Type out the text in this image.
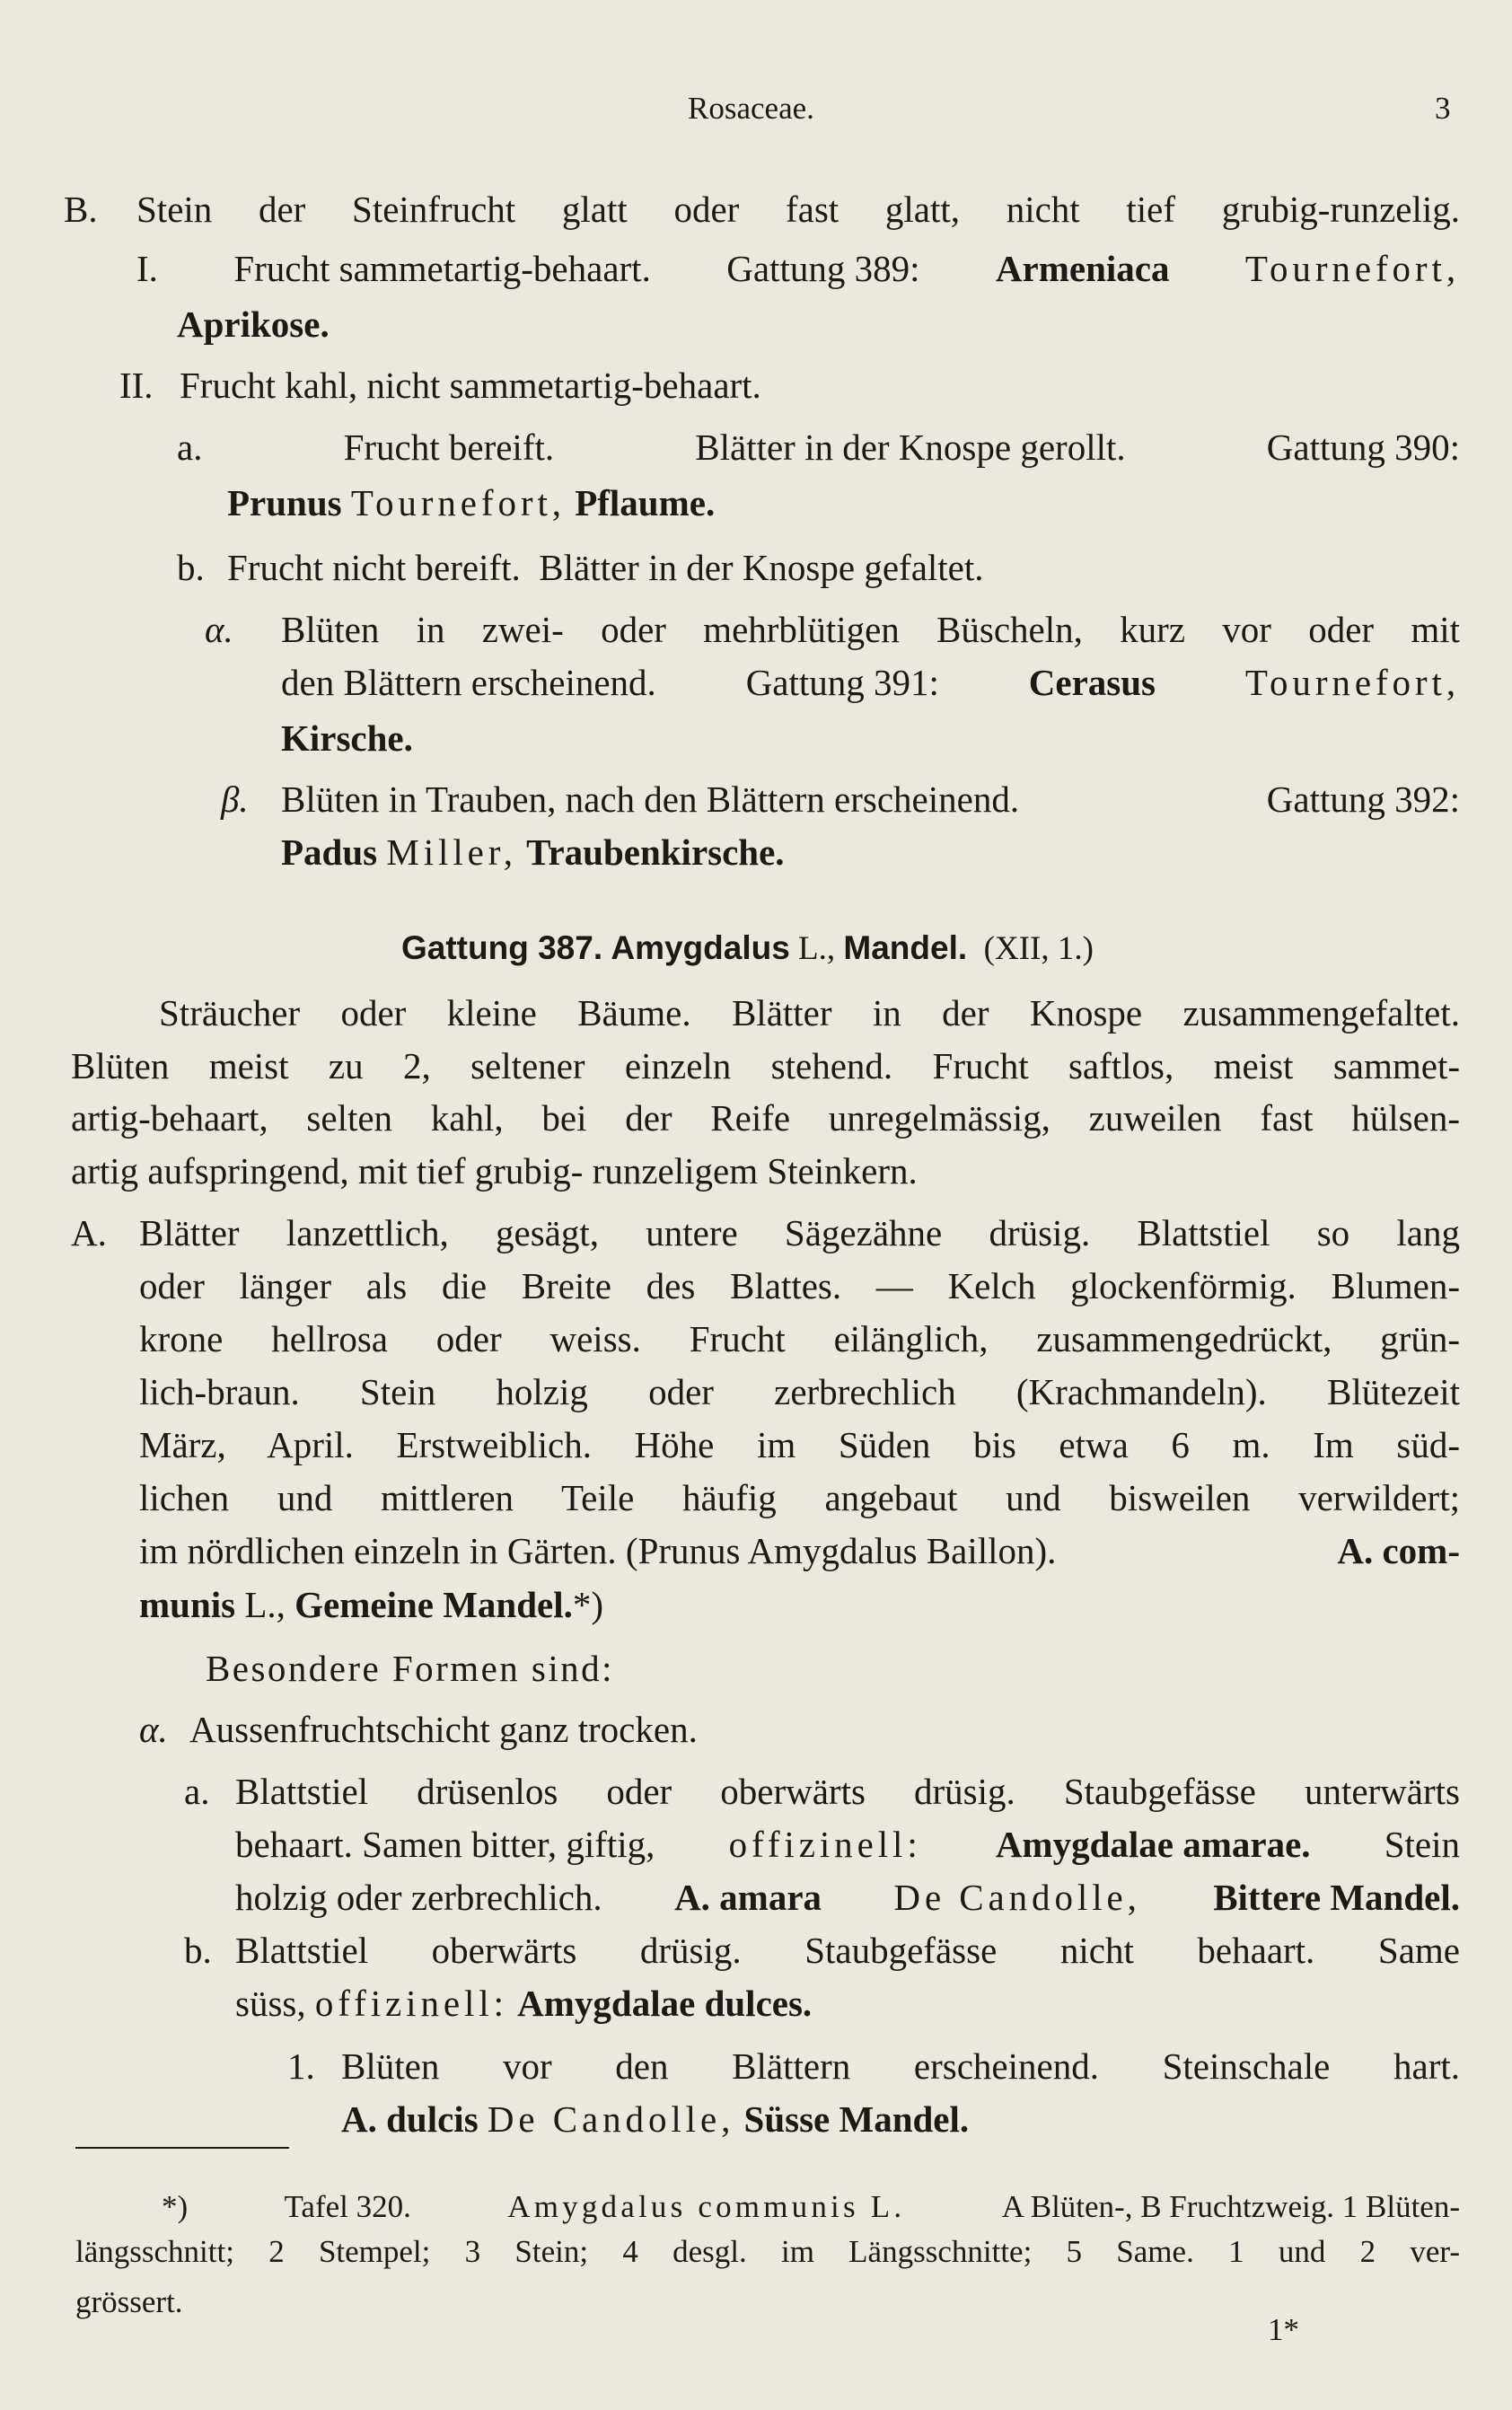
Rosaceae.	3
B. Stein der Steinfrucht glatt oder fast glatt, nicht tief grubig-runzelig.
I. Frucht sammetartig-behaart. Gattung 389: Armeniaca Tournefort,
Aprikose.
II. Frucht kahl, nicht sammetartig-behaart.
a.	Frucht bereift.	Blätter in der Knospe gerollt.	Gattung 390:
Prunus Tournefort, Pflaume.
b. Frucht nicht bereift. Blätter in der Knospe gefaltet.
α. Blüten in zwei- oder mehrblütigen Büscheln, kurz vor oder mit
den Blättern erscheinend. Gattung 391: Cerasus Tournefort,
Kirsche.
β. Blüten in Trauben, nach den Blättern erscheinend.	Gattung 392:
Padus Miller, Traubenkirsche.
Gattung 387. Amygdalus L., Mandel. (XII, 1.)
Sträucher oder kleine Bäume. Blätter in der Knospe zusammengefaltet.
Blüten meist zu 2, seltener einzeln stehend. Frucht saftlos, meist sammet-
artig-behaart, selten kahl, bei der Reife unregelmässig, zuweilen fast hülsen-
artig aufspringend, mit tief grubig- runzeligem Steinkern.
A. Blätter lanzettlich, gesägt, untere Sägezähne drüsig. Blattstiel so lang
oder länger als die Breite des Blattes. — Kelch glockenförmig. Blumen-
krone hellrosa oder weiss. Frucht eilänglich, zusammengedrückt, grün-
lich-braun. Stein holzig oder zerbrechlich (Krachmandeln). Blütezeit
März, April. Erstweiblich. Höhe im Süden bis etwa 6 m. Im süd-
lichen und mittleren Teile häufig angebaut und bisweilen verwildert;
im nördlichen einzeln in Gärten. (Prunus Amygdalus Baillon).	A. com-
munis L., Gemeine Mandel.*)
Besondere Formen sind:
α. Aussenfruchtschicht ganz trocken.
a. Blattstiel drüsenlos oder oberwärts drüsig. Staubgefässe unterwärts
behaart. Samen bitter, giftig, offizinell: Amygdalae amarae. Stein
holzig oder zerbrechlich. A. amara De Candolle, Bittere Mandel.
b. Blattstiel oberwärts drüsig. Staubgefässe nicht behaart. Same
süss, offizinell: Amygdalae dulces.
1. Blüten vor den Blättern erscheinend. Steinschale hart.
A. dulcis De Candolle, Süsse Mandel.
*)	Tafel 320.	Amygdalus communis L.	A Blüten-, B Fruchtzweig. 1 Blüten-
längsschnitt; 2 Stempel; 3 Stein; 4 desgl. im Längsschnitte; 5 Same. 1 und 2 ver-
grössert.
1*
